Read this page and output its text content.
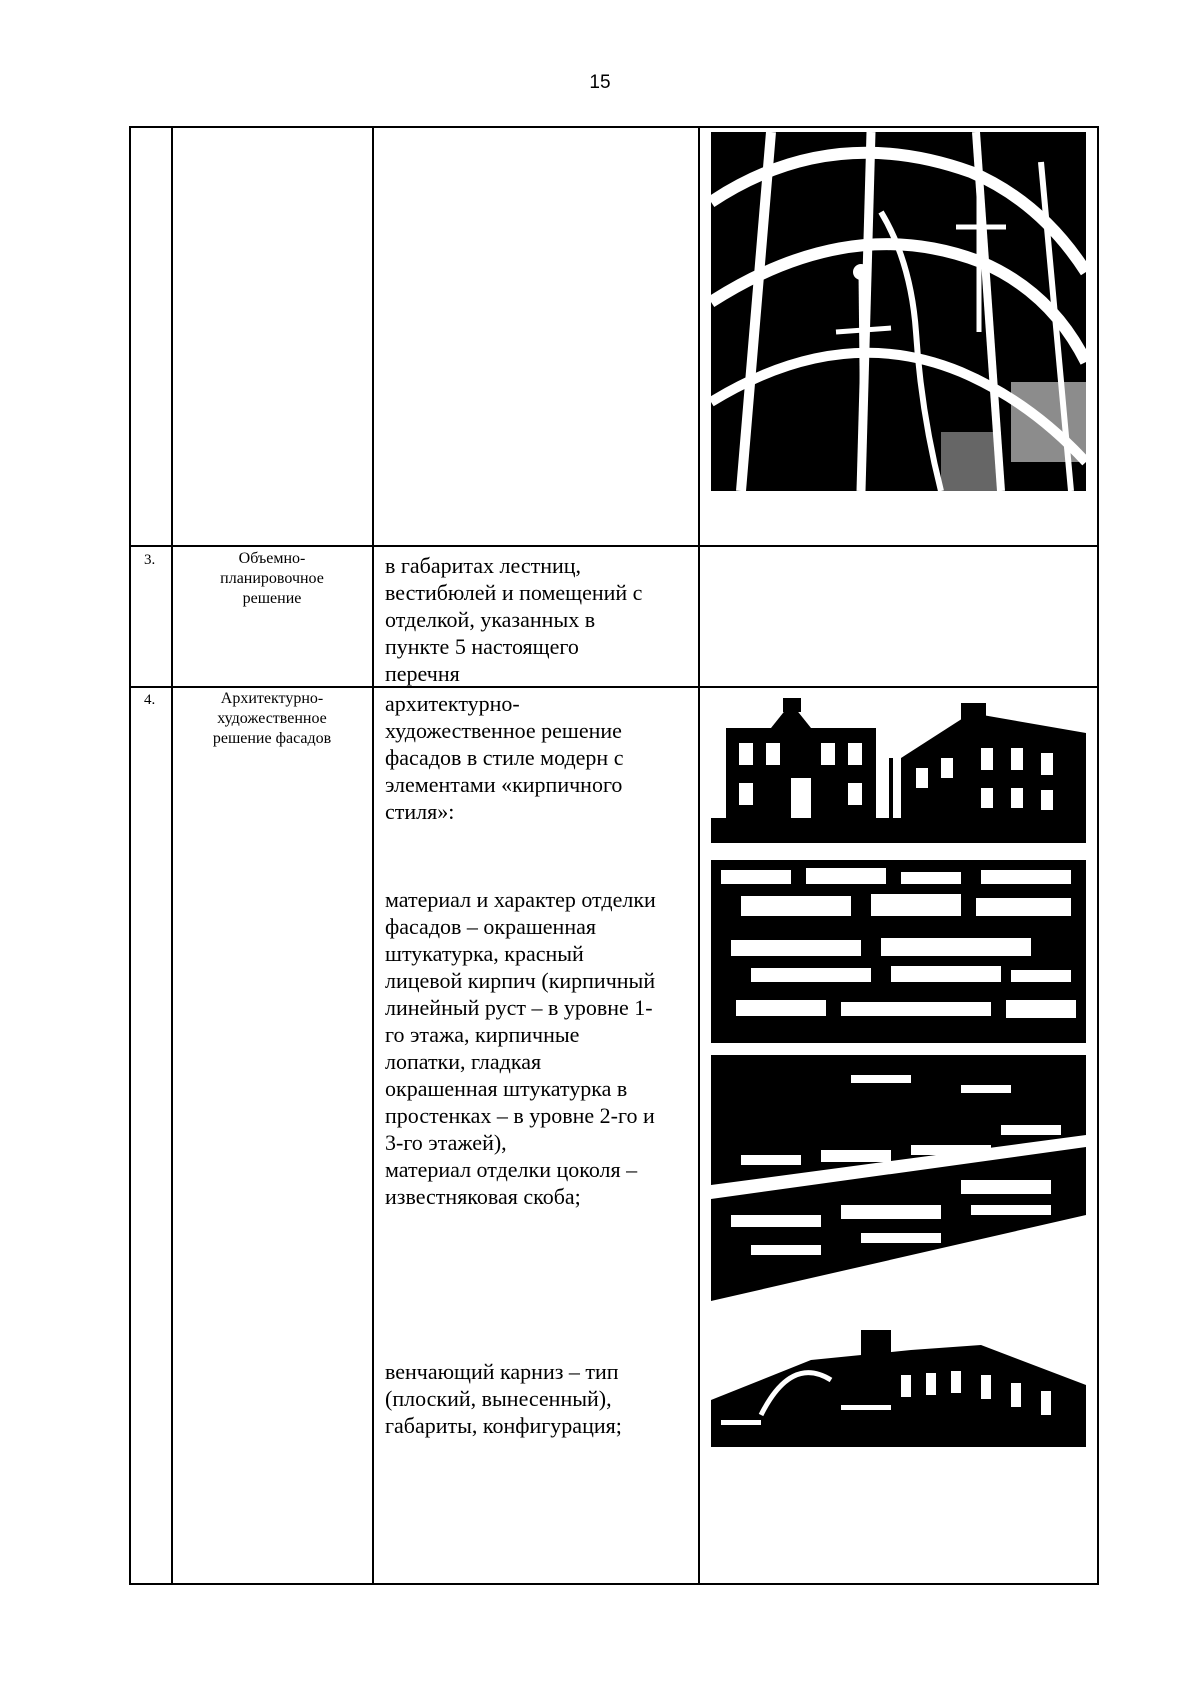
15
3.	Объемно-
планировочное
решение
в габаритах лестниц,
вестибюлей и помещений с
отделкой, указанных в
пункте 5 настоящего
перечня
4.	Архитектурно-
художественное
решение фасадов
архитектурно-
художественное решение
фасадов в стиле модерн с
элементами «кирпичного
стиля»:
материал и характер отделки
фасадов – окрашенная
штукатурка, красный
лицевой кирпич (кирпичный
линейный руст – в уровне 1-
го этажа, кирпичные
лопатки, гладкая
окрашенная штукатурка в
простенках – в уровне 2-го и
3-го этажей),
материал отделки цоколя –
известняковая скоба;
венчающий карниз – тип
(плоский, вынесенный),
габариты, конфигурация;
